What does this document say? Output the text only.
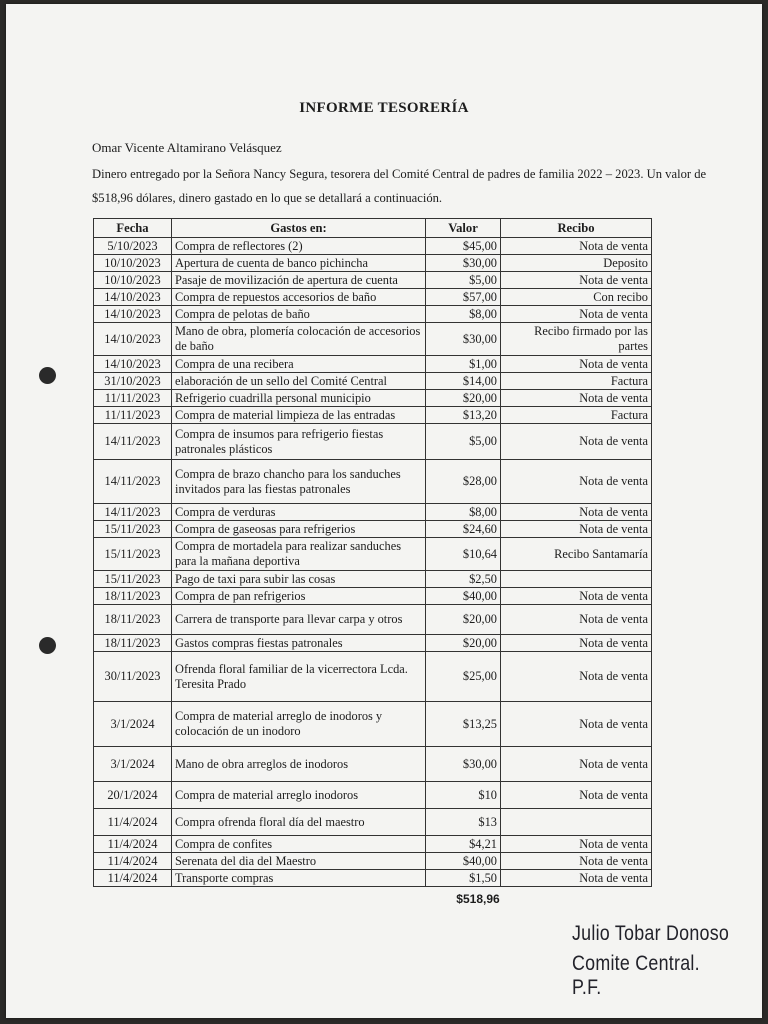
INFORME TESORERÍA
Omar Vicente Altamirano Velásquez
Dinero entregado por la Señora Nancy Segura, tesorera del Comité Central de padres de familia 2022 – 2023. Un valor de $518,96 dólares, dinero gastado en lo que se detallará a continuación.
Fecha	Gastos en:	Valor	Recibo
5/10/2023	Compra de reflectores (2)	$45,00	Nota de venta
10/10/2023	Apertura de cuenta de banco pichincha	$30,00	Deposito
10/10/2023	Pasaje de movilización de apertura de cuenta	$5,00	Nota de venta
14/10/2023	Compra de repuestos accesorios de baño	$57,00	Con recibo
14/10/2023	Compra de pelotas de baño	$8,00	Nota de venta
14/10/2023	Mano de obra, plomería colocación de accesorios de baño	$30,00	Recibo firmado por las partes
14/10/2023	Compra de una recibera	$1,00	Nota de venta
31/10/2023	elaboración de un sello del Comité Central	$14,00	Factura
11/11/2023	Refrigerio cuadrilla personal municipio	$20,00	Nota de venta
11/11/2023	Compra de material limpieza de las entradas	$13,20	Factura
14/11/2023	Compra de insumos para refrigerio fiestas patronales plásticos	$5,00	Nota de venta
14/11/2023	Compra de brazo chancho para los sanduches invitados para las fiestas patronales	$28,00	Nota de venta
14/11/2023	Compra de verduras	$8,00	Nota de venta
15/11/2023	Compra de gaseosas para refrigerios	$24,60	Nota de venta
15/11/2023	Compra de mortadela para realizar sanduches para la mañana deportiva	$10,64	Recibo Santamaría
15/11/2023	Pago de taxi para subir las cosas	$2,50	
18/11/2023	Compra de pan refrigerios	$40,00	Nota de venta
18/11/2023	Carrera de transporte para llevar carpa y otros	$20,00	Nota de venta
18/11/2023	Gastos compras fiestas patronales	$20,00	Nota de venta
30/11/2023	Ofrenda floral familiar de la vicerrectora Lcda. Teresita Prado	$25,00	Nota de venta
3/1/2024	Compra de material arreglo de inodoros y colocación de un inodoro	$13,25	Nota de venta
3/1/2024	Mano de obra arreglos de inodoros	$30,00	Nota de venta
20/1/2024	Compra de material arreglo inodoros	$10	Nota de venta
11/4/2024	Compra ofrenda floral día del maestro	$13	
11/4/2024	Compra de confites	$4,21	Nota de venta
11/4/2024	Serenata del dia del Maestro	$40,00	Nota de venta
11/4/2024	Transporte compras	$1,50	Nota de venta
$518,96
Julio Tobar Donoso
Comite Central. P.F.
